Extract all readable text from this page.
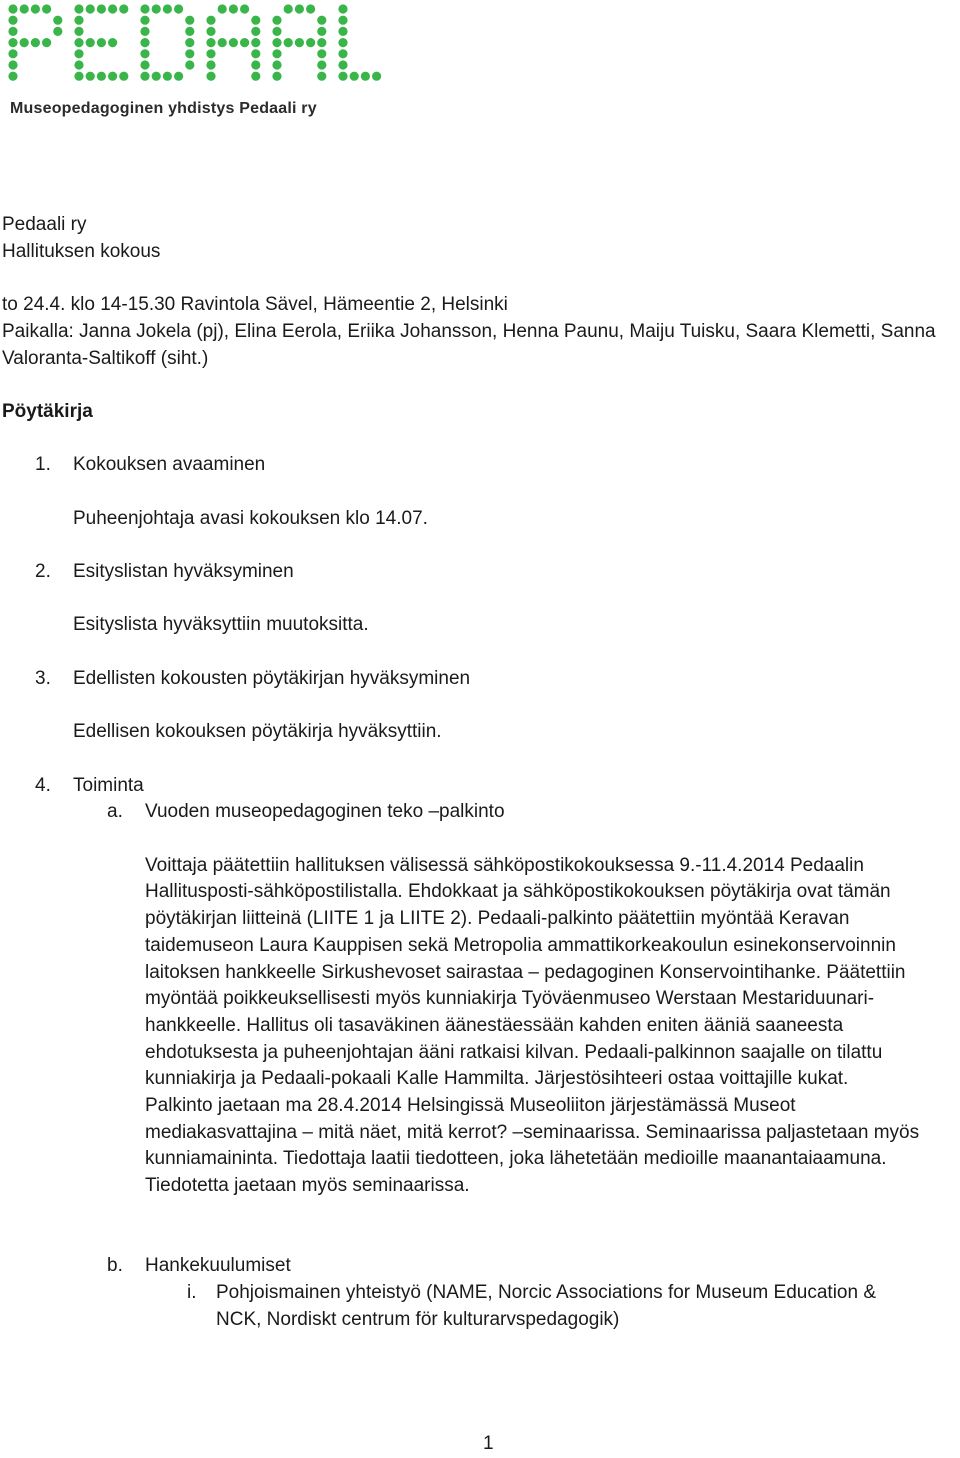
Museopedagoginen yhdistys Pedaali ry

Pedaali ry

Hallituksen kokous

to 24.4. klo 14-15.30 Ravintola Sävel, Hämeentie 2, Helsinki

Paikalla: Janna Jokela (pj), Elina Eerola, Eriika Johansson, Henna Paunu, Maiju Tuisku, Saara Klemetti, Sanna

Valoranta-Saltikoff (siht.)

Pöytäkirja

1. Kokouksen avaaminen

Puheenjohtaja avasi kokouksen klo 14.07.

2. Esityslistan hyväksyminen

Esityslista hyväksyttiin muutoksitta.

3. Edellisten kokousten pöytäkirjan hyväksyminen

Edellisen kokouksen pöytäkirja hyväksyttiin.

4. Toiminta
a. Vuoden museopedagoginen teko –palkinto

Voittaja päätettiin hallituksen välisessä sähköpostikokouksessa 9.-11.4.2014 Pedaalin

Hallitusposti-sähköpostilistalla. Ehdokkaat ja sähköpostikokouksen pöytäkirja ovat tämän

pöytäkirjan liitteinä (LIITE 1 ja LIITE 2). Pedaali-palkinto päätettiin myöntää Keravan

taidemuseon Laura Kauppisen sekä Metropolia ammattikorkeakoulun esinekonservoinnin

laitoksen hankkeelle Sirkushevoset sairastaa – pedagoginen Konservointihanke. Päätettiin

myöntää poikkeuksellisesti myös kunniakirja Työväenmuseo Werstaan Mestariduunari-

hankkeelle. Hallitus oli tasaväkinen äänestäessään kahden eniten ääniä saaneesta

ehdotuksesta ja puheenjohtajan ääni ratkaisi kilvan. Pedaali-palkinnon saajalle on tilattu

kunniakirja ja Pedaali-pokaali Kalle Hammilta. Järjestösihteeri ostaa voittajille kukat.

Palkinto jaetaan ma 28.4.2014 Helsingissä Museoliiton järjestämässä Museot

mediakasvattajina – mitä näet, mitä kerrot? –seminaarissa. Seminaarissa paljastetaan myös

kunniamaininta. Tiedottaja laatii tiedotteen, joka lähetetään medioille maanantaiaamuna.

Tiedotetta jaetaan myös seminaarissa.

b. Hankekuulumiset
i. Pohjoismainen yhteistyö (NAME, Norcic Associations for Museum Education &
NCK, Nordiskt centrum för kulturarvspedagogik)
1
